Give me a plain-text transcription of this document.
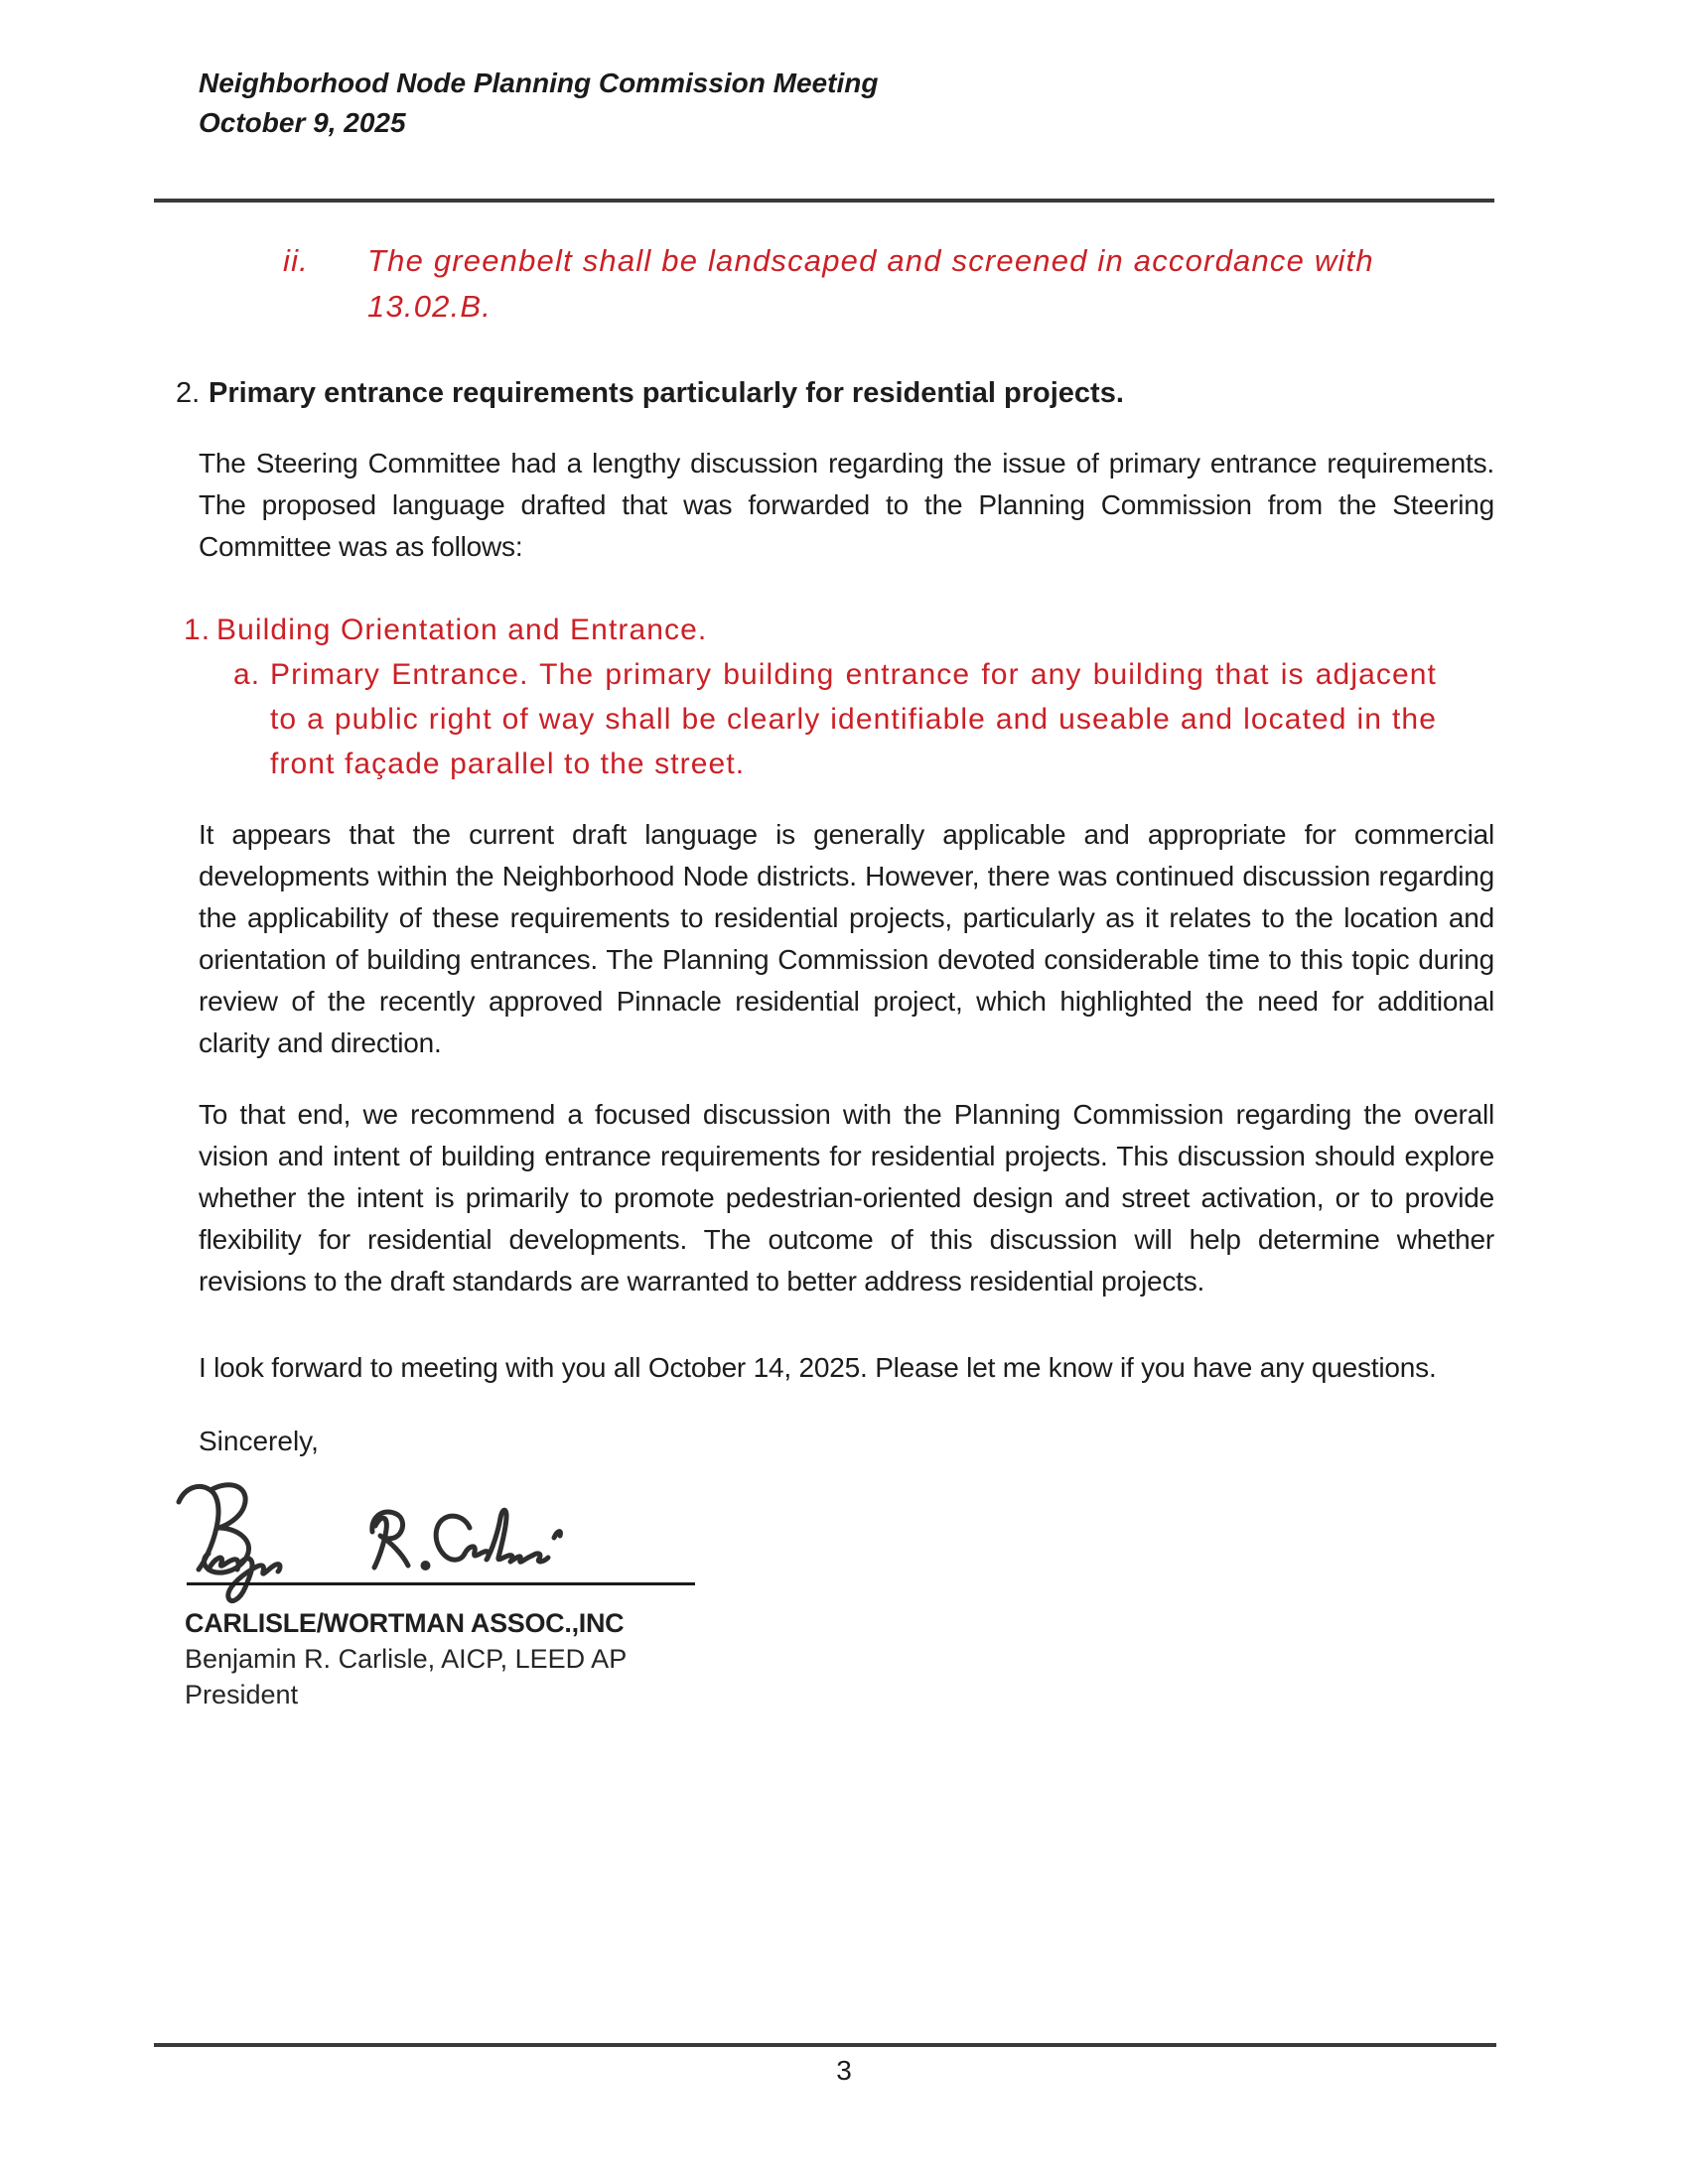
Neighborhood Node Planning Commission Meeting
October 9, 2025
ii.	The greenbelt shall be landscaped and screened in accordance with 13.02.B.
2. Primary entrance requirements particularly for residential projects.
The Steering Committee had a lengthy discussion regarding the issue of primary entrance requirements. The proposed language drafted that was forwarded to the Planning Commission from the Steering Committee was as follows:
1. Building Orientation and Entrance.
a. Primary Entrance. The primary building entrance for any building that is adjacent to a public right of way shall be clearly identifiable and useable and located in the front façade parallel to the street.
It appears that the current draft language is generally applicable and appropriate for commercial developments within the Neighborhood Node districts. However, there was continued discussion regarding the applicability of these requirements to residential projects, particularly as it relates to the location and orientation of building entrances. The Planning Commission devoted considerable time to this topic during review of the recently approved Pinnacle residential project, which highlighted the need for additional clarity and direction.
To that end, we recommend a focused discussion with the Planning Commission regarding the overall vision and intent of building entrance requirements for residential projects. This discussion should explore whether the intent is primarily to promote pedestrian-oriented design and street activation, or to provide flexibility for residential developments. The outcome of this discussion will help determine whether revisions to the draft standards are warranted to better address residential projects.
I look forward to meeting with you all October 14, 2025. Please let me know if you have any questions.
Sincerely,
CARLISLE/WORTMAN ASSOC.,INC
Benjamin R. Carlisle, AICP, LEED AP
President
3
